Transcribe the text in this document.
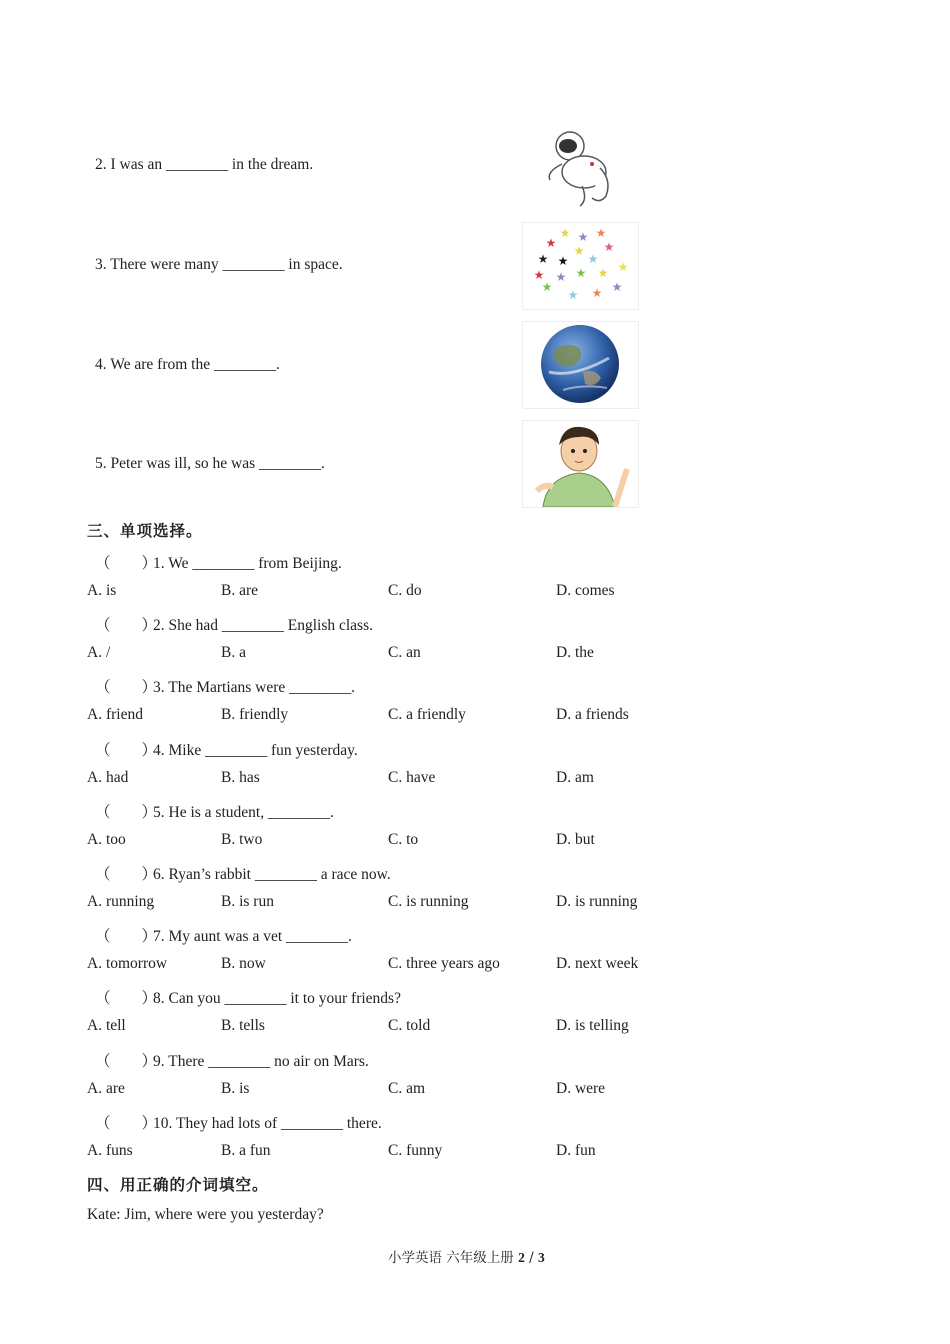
2. I was an ________ in the dream.
3. There were many ________ in space.
★ ★ ★
★
★ ★
★ ★ ★
★
★ ★ ★ ★
★
★ ★ ★
4. We are from the ________.
5. Peter was ill, so he was ________.
三、单项选择。
（　　）1. We ________ from Beijing.
A. is	B. are	C. do	D. comes
（　　）2. She had ________ English class.
A. /	B. a	C. an	D. the
（　　）3. The Martians were ________.
A. friend	B. friendly	C. a friendly	D. a friends
（　　）4. Mike ________ fun yesterday.
A. had	B. has	C. have	D. am
（　　）5. He is a student, ________.
A. too	B. two	C. to	D. but
（　　）6. Ryan’s rabbit ________ a race now.
A. running	B. is run	C. is running	D. is running
（　　）7. My aunt was a vet ________.
A. tomorrow	B. now	C. three years ago	D. next week
（　　）8. Can you ________ it to your friends?
A. tell	B. tells	C. told	D. is telling
（　　）9. There ________ no air on Mars.
A. are	B. is	C. am	D. were
（　　）10. They had lots of ________ there.
A. funs	B. a fun	C. funny	D. fun
四、用正确的介词填空。
Kate: Jim, where were you yesterday?
小学英语 六年级上册 2 / 3
